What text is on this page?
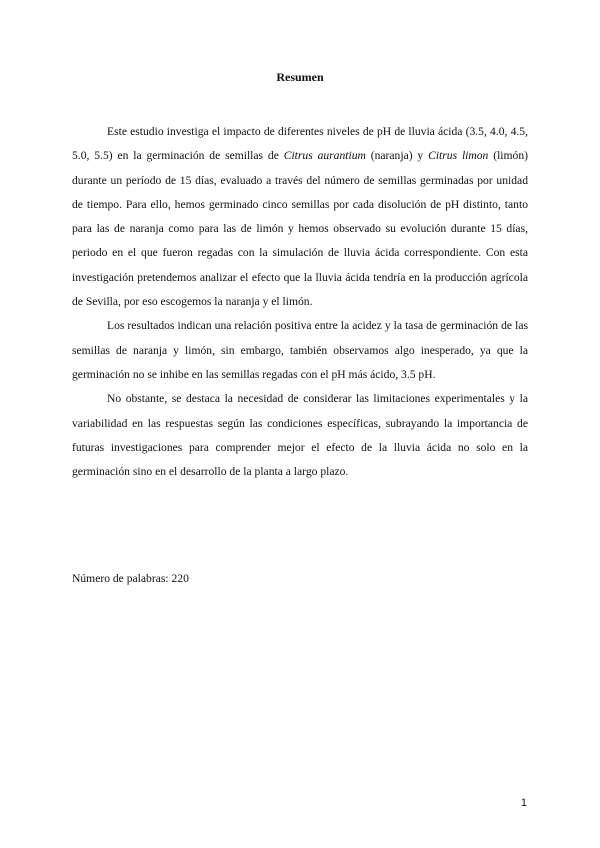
Resumen

Este estudio investiga el impacto de diferentes niveles de pH de lluvia ácida (3.5, 4.0, 4.5, 5.0, 5.5) en la germinación de semillas de Citrus aurantium (naranja) y Citrus limon (limón) durante un período de 15 días, evaluado a través del número de semillas germinadas por unidad de tiempo. Para ello, hemos germinado cinco semillas por cada disolución de pH distinto, tanto para las de naranja como para las de limón y hemos observado su evolución durante 15 días, periodo en el que fueron regadas con la simulación de lluvia ácida correspondiente. Con esta investigación pretendemos analizar el efecto que la lluvia ácida tendría en la producción agrícola de Sevilla, por eso escogemos la naranja y el limón.

Los resultados indican una relación positiva entre la acidez y la tasa de germinación de las semillas de naranja y limón, sin embargo, también observamos algo inesperado, ya que la germinación no se inhibe en las semillas regadas con el pH más ácido, 3.5 pH.

No obstante, se destaca la necesidad de considerar las limitaciones experimentales y la variabilidad en las respuestas según las condiciones específicas, subrayando la importancia de futuras investigaciones para comprender mejor el efecto de la lluvia ácida no solo en la germinación sino en el desarrollo de la planta a largo plazo.

Número de palabras: 220
1
